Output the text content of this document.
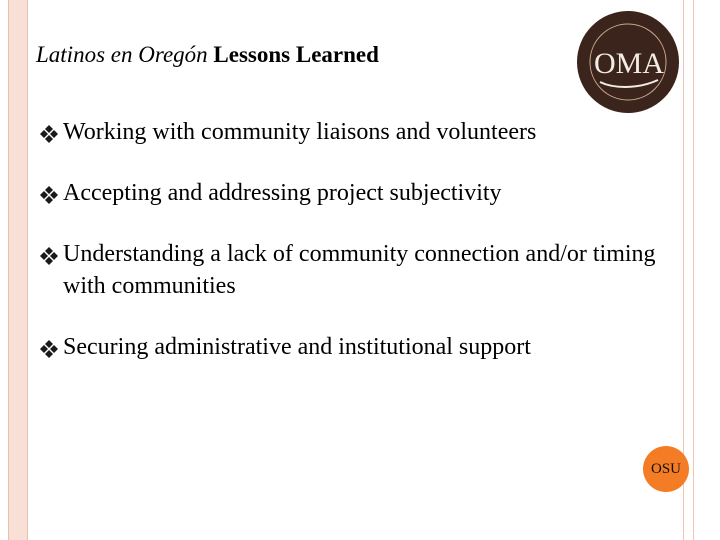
Latinos en Oregón Lessons Learned	OMA
Working with community liaisons and volunteers
Accepting and addressing project subjectivity
Understanding a lack of community connection and/or timing with communities
Securing administrative and institutional support
OSU
